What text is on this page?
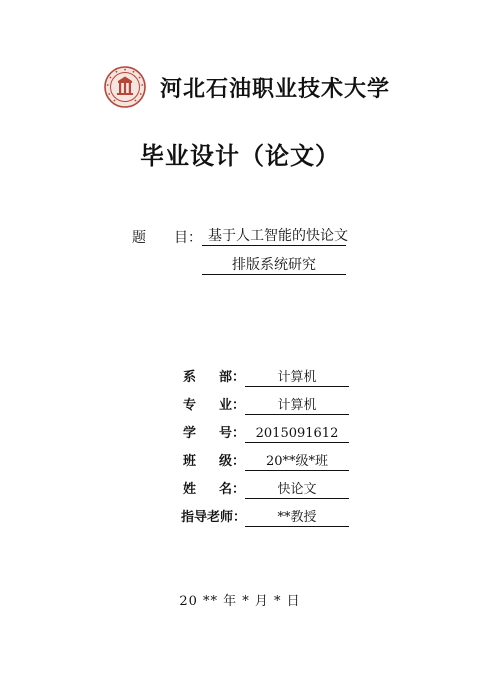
河北石油职业技术大学
毕业设计（论文）
题 目： 基于人工智能的快论文
排版系统研究
系 部：	计算机
专 业：	计算机
学 号： 2015091612
班 级：	20**级*班
姓 名：	快论文
指导老师：	**教授
20 ** 年 * 月 * 日
